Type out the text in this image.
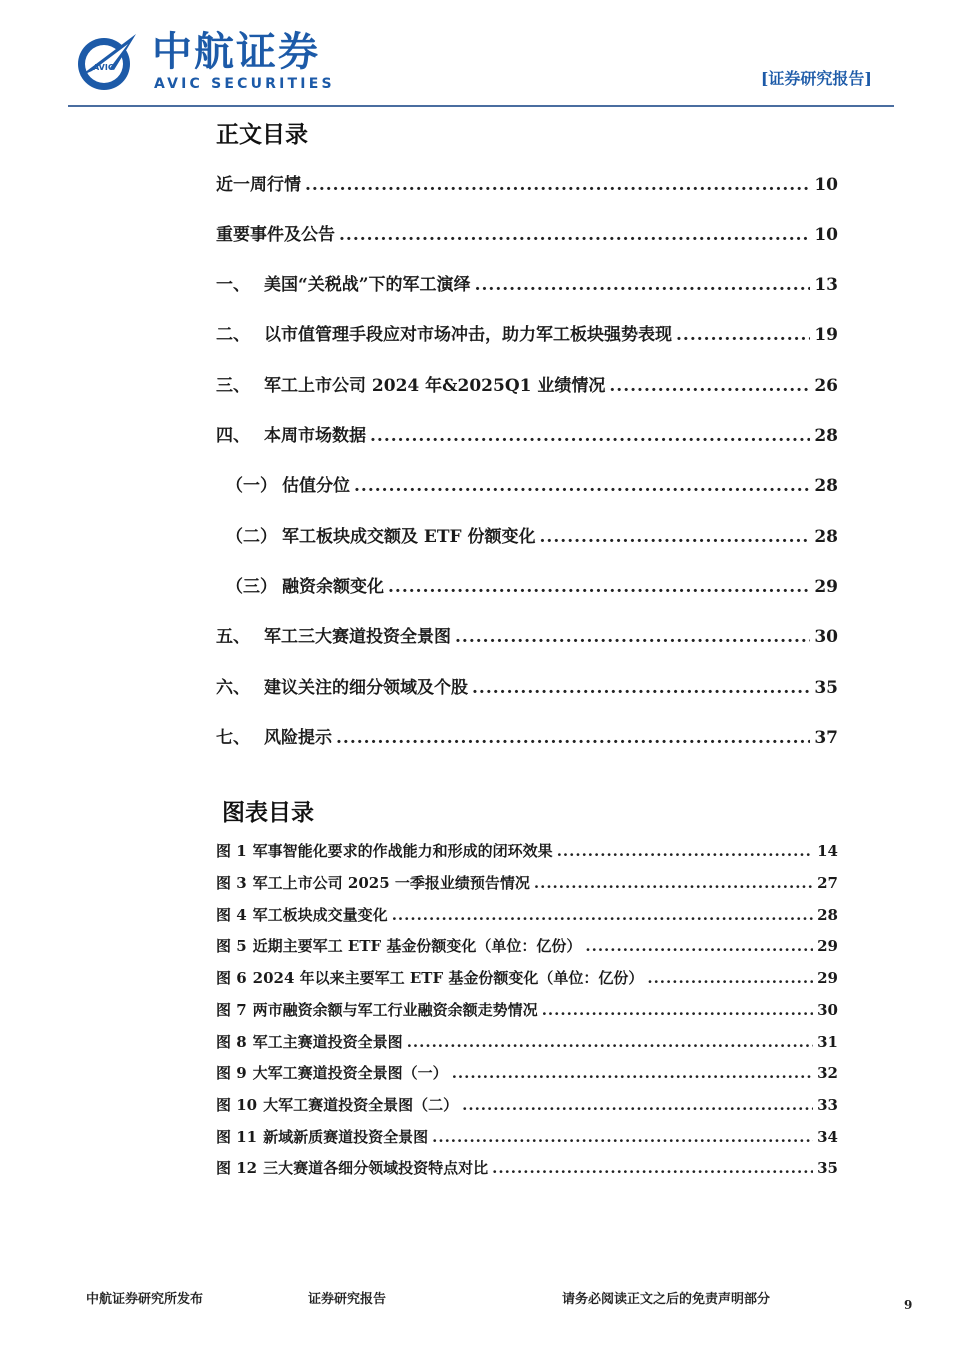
AVIC 中航证券
AVIC SECURITIES	[证券研究报告]
正文目录
近一周行情 .....	10
重要事件及公告 .....	10
一、 美国“关税战”下的军工演绎 .....	13
二、 以市值管理手段应对市场冲击，助力军工板块强势表现 .....	19
三、 军工上市公司 2024 年&2025Q1 业绩情况 .....	26
四、 本周市场数据 .....	28
（一） 估值分位 .....	28
（二） 军工板块成交额及 ETF 份额变化 .....	28
（三） 融资余额变化 .....	29
五、 军工三大赛道投资全景图 .....	30
六、 建议关注的细分领域及个股 .....	35
七、 风险提示 .....	37
图表目录
图 1 军事智能化要求的作战能力和形成的闭环效果 .....	14
图 3 军工上市公司 2025 一季报业绩预告情况 .....	27
图 4 军工板块成交量变化 .....	28
图 5 近期主要军工 ETF 基金份额变化（单位：亿份） .....	29
图 6 2024 年以来主要军工 ETF 基金份额变化（单位：亿份） .....	29
图 7 两市融资余额与军工行业融资余额走势情况 .....	30
图 8 军工主赛道投资全景图 .....	31
图 9 大军工赛道投资全景图（一） .....	32
图 10 大军工赛道投资全景图（二） .....	33
图 11 新域新质赛道投资全景图 .....	34
图 12 三大赛道各细分领域投资特点对比 .....	35
中航证券研究所发布	证券研究报告	请务必阅读正文之后的免责声明部分	9
